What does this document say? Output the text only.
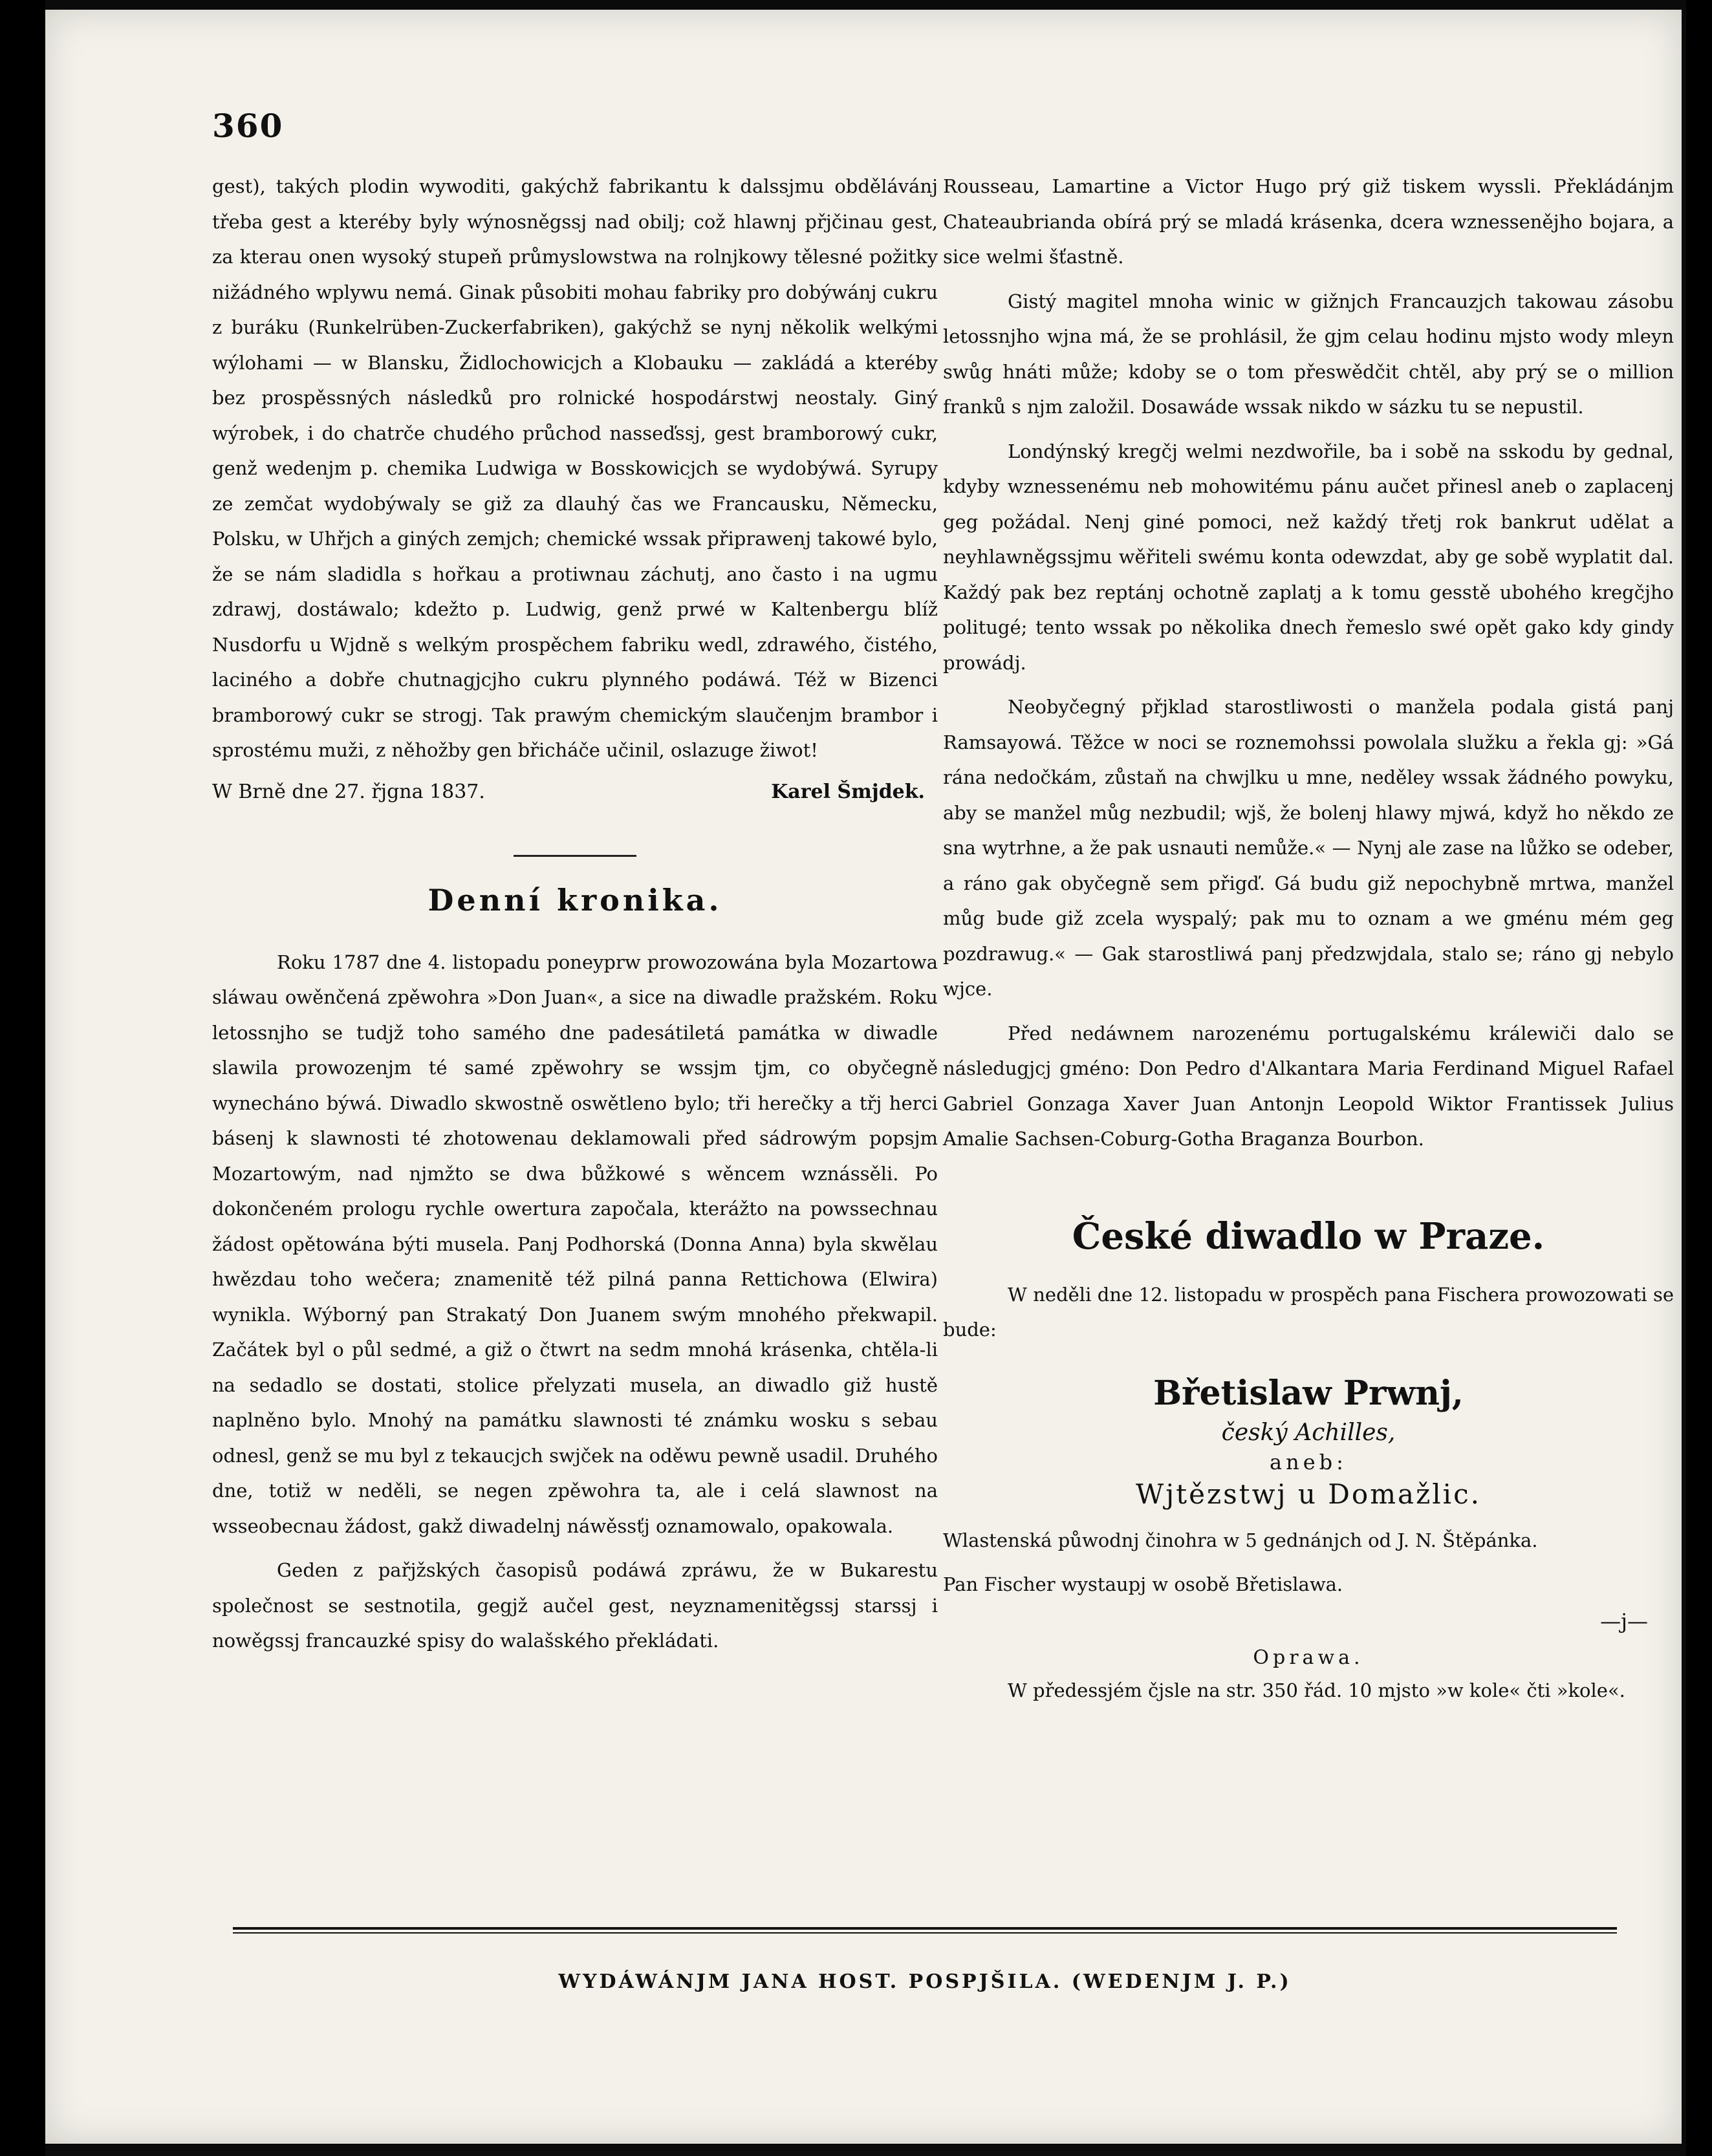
360

gest), takých plodin wywoditi, gakýchž fabrikantu k dalssjmu obdělávánj třeba gest a kteréby byly wýnosněgssj nad obilj; což hlawnj přjčinau gest, za kterau onen wysoký stupeň průmyslowstwa na rolnjkowy tělesné požitky nižádného wplywu nemá. Ginak působiti mohau fabriky pro dobýwánj cukru z buráku (Runkelrüben-Zuckerfabriken), gakýchž se nynj několik welkými wýlohami — w Blansku, Židlochowicjch a Klobauku — zakládá a kteréby bez prospěssných následků pro rolnické hospodárstwj neostaly. Giný wýrobek, i do chatrče chudého průchod nasseďssj, gest bramborowý cukr, genž wedenjm p. chemika Ludwiga w Bosskowicjch se wydobýwá. Syrupy ze zemčat wydobýwaly se giž za dlauhý čas we Francausku, Německu, Polsku, w Uhřjch a giných zemjch; chemické wssak připrawenj takowé bylo, že se nám sladidla s hořkau a protiwnau záchutj, ano často i na ugmu zdrawj, dostáwalo; kdežto p. Ludwig, genž prwé w Kaltenbergu blíž Nusdorfu u Wjdně s welkým prospěchem fabriku wedl, zdrawého, čistého, laciného a dobře chutnagjcjho cukru plynného podáwá. Též w Bizenci bramborowý cukr se strogj. Tak prawým chemickým slaučenjm brambor i sprostému muži, z něhožby gen břicháče učinil, oslazuge žiwot!

W Brně dne 27. řjgna 1837.	Karel Šmjdek.
Denní kronika.

Roku 1787 dne 4. listopadu poneyprw prowozowána byla Mozartowa sláwau owěnčená zpěwohra »Don Juan«, a sice na diwadle pražském. Roku letossnjho se tudjž toho samého dne padesátiletá památka w diwadle slawila prowozenjm té samé zpěwohry se wssjm tjm, co obyčegně wynecháno býwá. Diwadlo skwostně oswětleno bylo; tři herečky a třj herci básenj k slawnosti té zhotowenau deklamowali před sádrowým popsjm Mozartowým, nad njmžto se dwa bůžkowé s wěncem wznássěli. Po dokončeném prologu rychle owertura započala, kterážto na powssechnau žádost opětowána býti musela. Panj Podhorská (Donna Anna) byla skwělau hwězdau toho wečera; znamenitě též pilná panna Rettichowa (Elwira) wynikla. Wýborný pan Strakatý Don Juanem swým mnohého překwapil. Začátek byl o půl sedmé, a giž o čtwrt na sedm mnohá krásenka, chtěla-li na sedadlo se dostati, stolice přelyzati musela, an diwadlo giž hustě naplněno bylo. Mnohý na památku slawnosti té známku wosku s sebau odnesl, genž se mu byl z tekaucjch swjček na oděwu pewně usadil. Druhého dne, totiž w neděli, se negen zpěwohra ta, ale i celá slawnost na wsseobecnau žádost, gakž diwadelnj náwěssťj oznamowalo, opakowala.

Geden z pařjžských časopisů podáwá zpráwu, že w Bukarestu společnost se sestnotila, gegjž aučel gest, neyznamenitěgssj starssj i nowěgssj francauzké spisy do walašského překládati.

Rousseau, Lamartine a Victor Hugo prý giž tiskem wyssli. Překládánjm Chateaubrianda obírá prý se mladá krásenka, dcera wznessenějho bojara, a sice welmi šťastně.

Gistý magitel mnoha winic w gižnjch Francauzjch takowau zásobu letossnjho wjna má, že se prohlásil, že gjm celau hodinu mjsto wody mleyn swůg hnáti může; kdoby se o tom přeswědčit chtěl, aby prý se o million franků s njm založil. Dosawáde wssak nikdo w sázku tu se nepustil.

Londýnský kregčj welmi nezdwořile, ba i sobě na sskodu by gednal, kdyby wznessenému neb mohowitému pánu aučet přinesl aneb o zaplacenj geg požádal. Nenj giné pomoci, než každý třetj rok bankrut udělat a neyhlawněgssjmu wěřiteli swému konta odewzdat, aby ge sobě wyplatit dal. Každý pak bez reptánj ochotně zaplatj a k tomu gesstě ubohého kregčjho politugé; tento wssak po několika dnech řemeslo swé opět gako kdy gindy prowádj.

Neobyčegný přjklad starostliwosti o manžela podala gistá panj Ramsayowá. Těžce w noci se roznemohssi powolala služku a řekla gj: »Gá rána nedočkám, zůstaň na chwjlku u mne, neděley wssak žádného powyku, aby se manžel můg nezbudil; wjš, že bolenj hlawy mjwá, když ho někdo ze sna wytrhne, a že pak usnauti nemůže.« — Nynj ale zase na lůžko se odeber, a ráno gak obyčegně sem přigď. Gá budu giž nepochybně mrtwa, manžel můg bude giž zcela wyspalý; pak mu to oznam a we gménu mém geg pozdrawug.« — Gak starostliwá panj předzwjdala, stalo se; ráno gj nebylo wjce.

Před nedáwnem narozenému portugalskému králewiči dalo se následugjcj gméno: Don Pedro d'Alkantara Maria Ferdinand Miguel Rafael Gabriel Gonzaga Xaver Juan Antonjn Leopold Wiktor Frantissek Julius Amalie Sachsen-Coburg-Gotha Braganza Bourbon.

České diwadlo w Praze.

W neděli dne 12. listopadu w prospěch pana Fischera prowozowati se bude:

Břetislaw Prwnj,
český Achilles,
aneb:
Wjtězstwj u Domažlic.

Wlastenská půwodnj činohra w 5 gednánjch od J. N. Štěpánka.

Pan Fischer wystaupj w osobě Břetislawa.

—j—
Oprawa.

W předessjém čjsle na str. 350 řád. 10 mjsto »w kole« čti »kole«.

WYDÁWÁNJM JANA HOST. POSPJŠILA. (WEDENJM J. P.)
